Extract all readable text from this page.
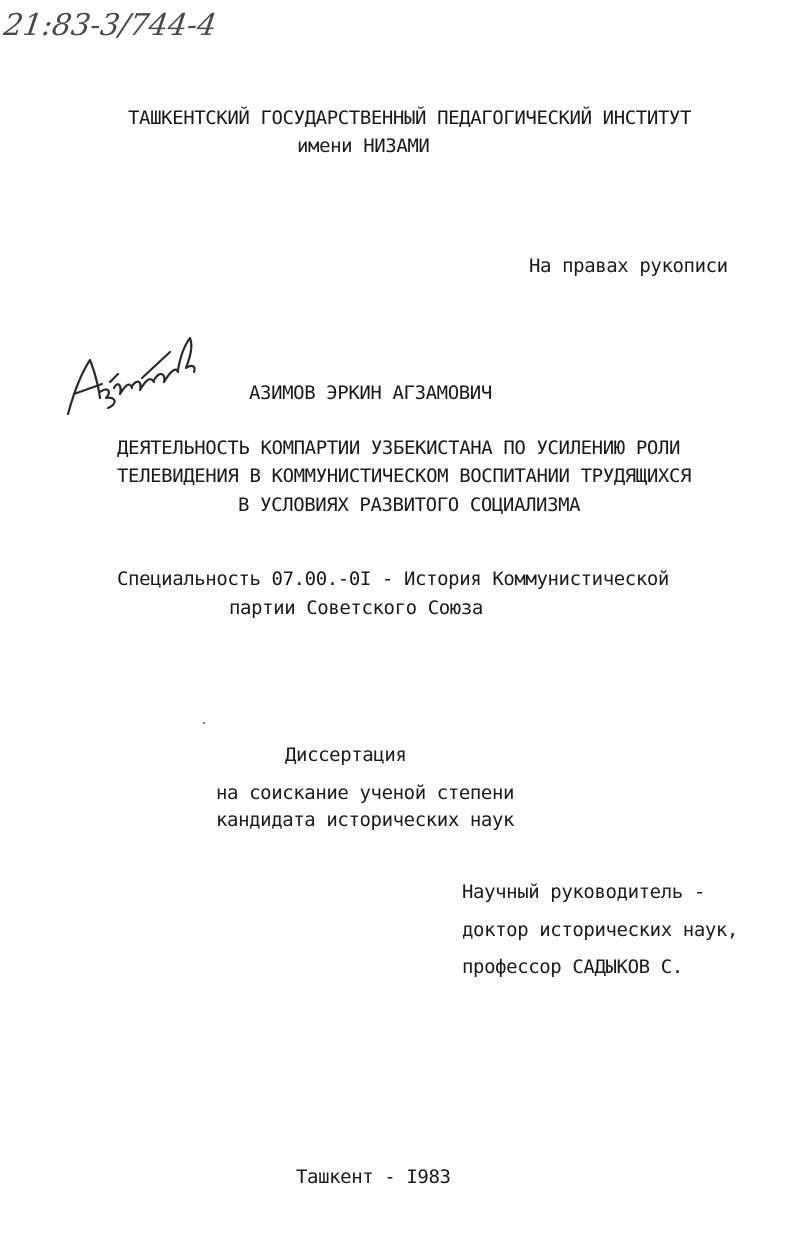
21:83-3/744-4
ТАШКЕНТСКИЙ ГОСУДАРСТВЕННЫЙ ПЕДАГОГИЧЕСКИЙ ИНСТИТУТ
имени НИЗАМИ
На правах рукописи
АЗИМОВ ЭРКИН АГЗАМОВИЧ
ДЕЯТЕЛЬНОСТЬ КОМПАРТИИ УЗБЕКИСТАНА ПО УСИЛЕНИЮ РОЛИ
ТЕЛЕВИДЕНИЯ В КОММУНИСТИЧЕСКОМ ВОСПИТАНИИ ТРУДЯЩИХСЯ
В УСЛОВИЯХ РАЗВИТОГО СОЦИАЛИЗМА
Специальность 07.00.-0I - История Коммунистической
партии Советского Союза
Диссертация
на соискание ученой степени
кандидата исторических наук
Научный руководитель -
доктор исторических наук,
профессор САДЫКОВ С.
Ташкент - I983
